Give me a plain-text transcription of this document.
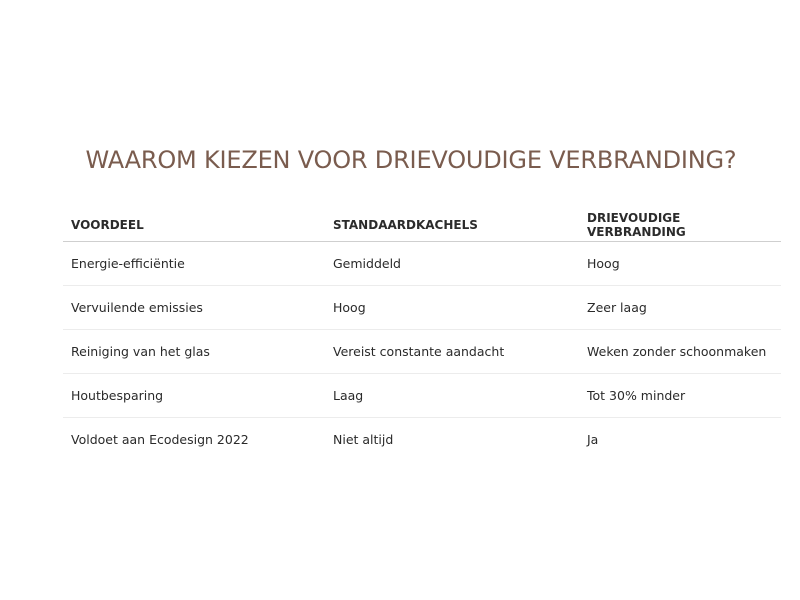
WAAROM KIEZEN VOOR DRIEVOUDIGE VERBRANDING?
VOORDEEL	STANDAARDKACHELS	DRIEVOUDIGE VERBRANDING
Energie-efficiëntie	Gemiddeld	Hoog
Vervuilende emissies	Hoog	Zeer laag
Reiniging van het glas	Vereist constante aandacht	Weken zonder schoonmaken
Houtbesparing	Laag	Tot 30% minder
Voldoet aan Ecodesign 2022	Niet altijd	Ja
